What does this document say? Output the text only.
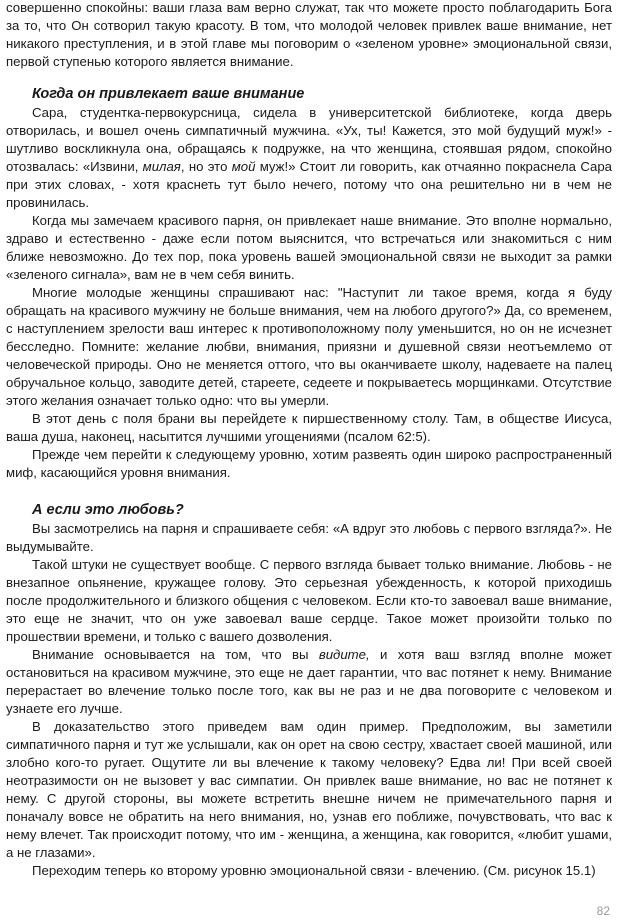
совершенно спокойны: ваши глаза вам верно служат, так что можете просто поблагодарить Бога за то, что Он сотворил такую красоту. В том, что молодой человек привлек ваше внимание, нет никакого преступления, и в этой главе мы поговорим о «зеленом уровне» эмоциональной связи, первой ступенью которого является внимание.

Когда он привлекает ваше внимание

Сара, студентка-первокурсница, сидела в университетской библиотеке, когда дверь отворилась, и вошел очень симпатичный мужчина. «Ух, ты! Кажется, это мой будущий муж!» - шутливо воскликнула она, обращаясь к подружке, на что женщина, стоявшая рядом, спокойно отозвалась: «Извини, милая, но это мой муж!» Стоит ли говорить, как отчаянно покраснела Сара при этих словах, - хотя краснеть тут было нечего, потому что она решительно ни в чем не провинилась.

Когда мы замечаем красивого парня, он привлекает наше внимание. Это вполне нормально, здраво и естественно - даже если потом выяснится, что встречаться или знакомиться с ним ближе невозможно. До тех пор, пока уровень вашей эмоциональной связи не выходит за рамки «зеленого сигнала», вам не в чем себя винить.

Многие молодые женщины спрашивают нас: "Наступит ли такое время, когда я буду обращать на красивого мужчину не больше внимания, чем на любого другого?» Да, со временем, с наступлением зрелости ваш интерес к противоположному полу уменьшится, но он не исчезнет бесследно. Помните: желание любви, внимания, приязни и душевной связи неотъемлемо от человеческой природы. Оно не меняется оттого, что вы оканчиваете школу, надеваете на палец обручальное кольцо, заводите детей, стареете, седеете и покрываетесь морщинками. Отсутствие этого желания означает только одно: что вы умерли.

В этот день с поля брани вы перейдете к пиршественному столу. Там, в обществе Иисуса, ваша душа, наконец, насытится лучшими угощениями (псалом 62:5).

Прежде чем перейти к следующему уровню, хотим развеять один широко распространенный миф, касающийся уровня внимания.

А если это любовь?

Вы засмотрелись на парня и спрашиваете себя: «А вдруг это любовь с первого взгляда?». Не выдумывайте.

Такой штуки не существует вообще. С первого взгляда бывает только внимание. Любовь - не внезапное опьянение, кружащее голову. Это серьезная убежденность, к которой приходишь после продолжительного и близкого общения с человеком. Если кто-то завоевал ваше внимание, это еще не значит, что он уже завоевал ваше сердце. Такое может произойти только по прошествии времени, и только с вашего дозволения.

Внимание основывается на том, что вы видите, и хотя ваш взгляд вполне может остановиться на красивом мужчине, это еще не дает гарантии, что вас потянет к нему. Внимание перерастает во влечение только после того, как вы не раз и не два поговорите с человеком и узнаете его лучше.

В доказательство этого приведем вам один пример. Предположим, вы заметили симпатичного парня и тут же услышали, как он орет на свою сестру, хвастает своей машиной, или злобно кого-то ругает. Ощутите ли вы влечение к такому человеку? Едва ли! При всей своей неотразимости он не вызовет у вас симпатии. Он привлек ваше внимание, но вас не потянет к нему. С другой стороны, вы можете встретить внешне ничем не примечательного парня и поначалу вовсе не обратить на него внимания, но, узнав его поближе, почувствовать, что вас к нему влечет. Так происходит потому, что им - женщина, а женщина, как говорится, «любит ушами, а не глазами».

Переходим теперь ко второму уровню эмоциональной связи - влечению. (См. рисунок 15.1)

82
